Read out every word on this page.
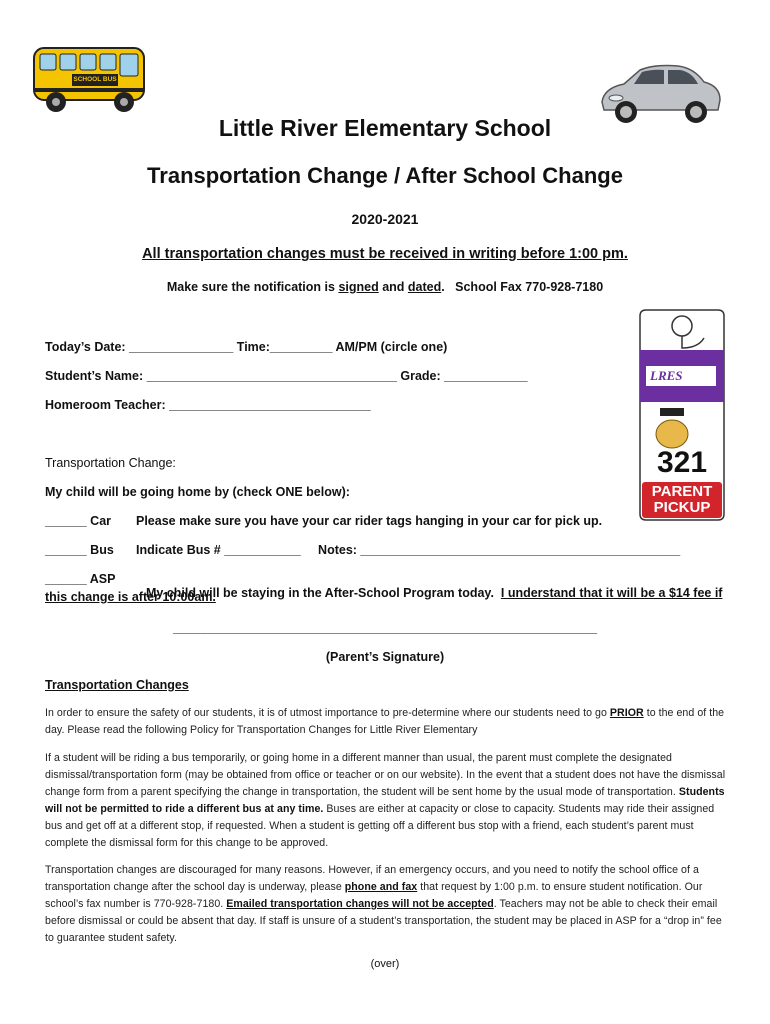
SCHOOL BUS
Little River Elementary School
Transportation Change / After School Change
2020-2021
All transportation changes must be received in writing before 1:00 pm.
Make sure the notification is signed and dated.   School Fax 770-928-7180
LRES
321
PARENT
PICKUP
Today’s Date: _______________ Time:_________ AM/PM (circle one)
Student’s Name: ____________________________________ Grade: ____________
Homeroom Teacher: _____________________________
Transportation Change:
My child will be going home by (check ONE below):
______ Car Please make sure you have your car rider tags hanging in your car for pick up.
______ Bus Indicate Bus # ___________     Notes: ______________________________________________
______ ASP

My child will be staying in the After-School Program today.  I understand that it will be a $14 fee if

this change is after 10:00am.
_____________________________________________________________
(Parent’s Signature)
Transportation Changes
In order to ensure the safety of our students, it is of utmost importance to pre-determine where our students need to go PRIOR to the end of the day. Please read the following Policy for Transportation Changes for Little River Elementary
If a student will be riding a bus temporarily, or going home in a different manner than usual, the parent must complete the designated dismissal/transportation form (may be obtained from office or teacher or on our website). In the event that a student does not have the dismissal change form from a parent specifying the change in transportation, the student will be sent home by the usual mode of transportation. Students will not be permitted to ride a different bus at any time. Buses are either at capacity or close to capacity. Students may ride their assigned bus and get off at a different stop, if requested. When a student is getting off a different bus stop with a friend, each student’s parent must complete the dismissal form for this change to be approved.
Transportation changes are discouraged for many reasons. However, if an emergency occurs, and you need to notify the school office of a transportation change after the school day is underway, please phone and fax that request by 1:00 p.m. to ensure student notification. Our school’s fax number is 770-928-7180. Emailed transportation changes will not be accepted. Teachers may not be able to check their email before dismissal or could be absent that day. If staff is unsure of a student’s transportation, the student may be placed in ASP for a “drop in” fee to guarantee student safety.
(over)
